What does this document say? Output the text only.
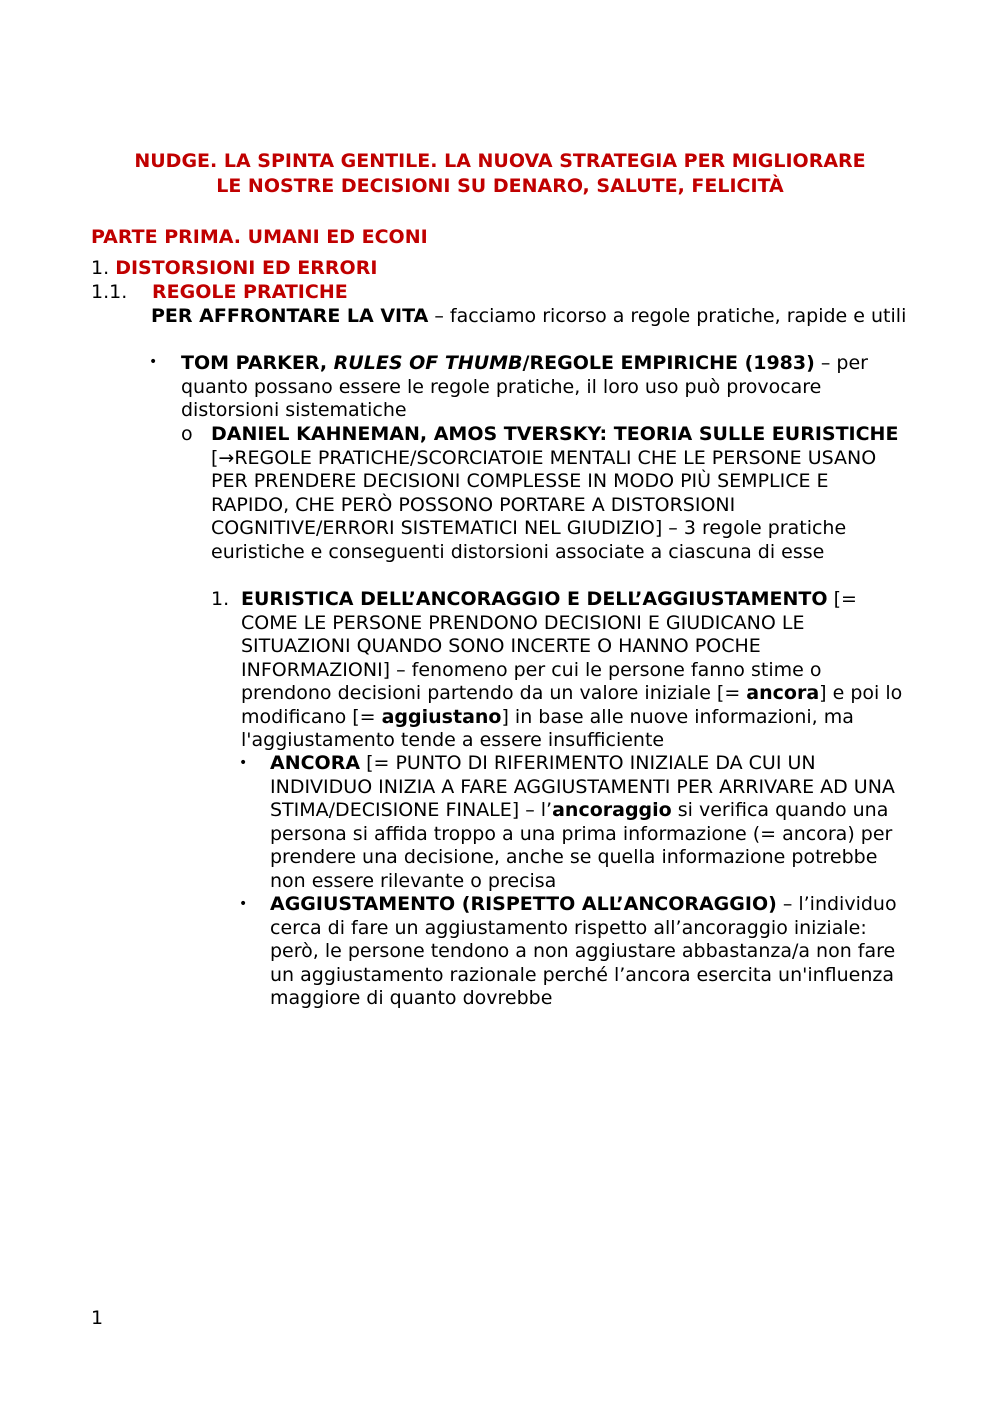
NUDGE. LA SPINTA GENTILE. LA NUOVA STRATEGIA PER MIGLIORARE
LE NOSTRE DECISIONI SU DENARO, SALUTE, FELICITÀ
PARTE PRIMA. UMANI ED ECONI
1. DISTORSIONI ED ERRORI
1.1. REGOLE PRATICHE
PER AFFRONTARE LA VITA – facciamo ricorso a regole pratiche, rapide e utili
• TOM PARKER, RULES OF THUMB/REGOLE EMPIRICHE (1983) – per quanto possano essere le regole pratiche, il loro uso può provocare distorsioni sistematiche
o DANIEL KAHNEMAN, AMOS TVERSKY: TEORIA SULLE EURISTICHE [→REGOLE PRATICHE/SCORCIATOIE MENTALI CHE LE PERSONE USANO PER PRENDERE DECISIONI COMPLESSE IN MODO PIÙ SEMPLICE E RAPIDO, CHE PERÒ POSSONO PORTARE A DISTORSIONI COGNITIVE/ERRORI SISTEMATICI NEL GIUDIZIO] – 3 regole pratiche euristiche e conseguenti distorsioni associate a ciascuna di esse
1. EURISTICA DELL’ANCORAGGIO E DELL’AGGIUSTAMENTO [= COME LE PERSONE PRENDONO DECISIONI E GIUDICANO LE SITUAZIONI QUANDO SONO INCERTE O HANNO POCHE INFORMAZIONI] – fenomeno per cui le persone fanno stime o prendono decisioni partendo da un valore iniziale [= ancora] e poi lo modificano [= aggiustano] in base alle nuove informazioni, ma l'aggiustamento tende a essere insufficiente
• ANCORA [= PUNTO DI RIFERIMENTO INIZIALE DA CUI UN INDIVIDUO INIZIA A FARE AGGIUSTAMENTI PER ARRIVARE AD UNA STIMA/DECISIONE FINALE] – l’ancoraggio si verifica quando una persona si affida troppo a una prima informazione (= ancora) per prendere una decisione, anche se quella informazione potrebbe non essere rilevante o precisa
• AGGIUSTAMENTO (RISPETTO ALL’ANCORAGGIO) – l’individuo cerca di fare un aggiustamento rispetto all’ancoraggio iniziale: però, le persone tendono a non aggiustare abbastanza/a non fare un aggiustamento razionale perché l’ancora esercita un'influenza maggiore di quanto dovrebbe
1
